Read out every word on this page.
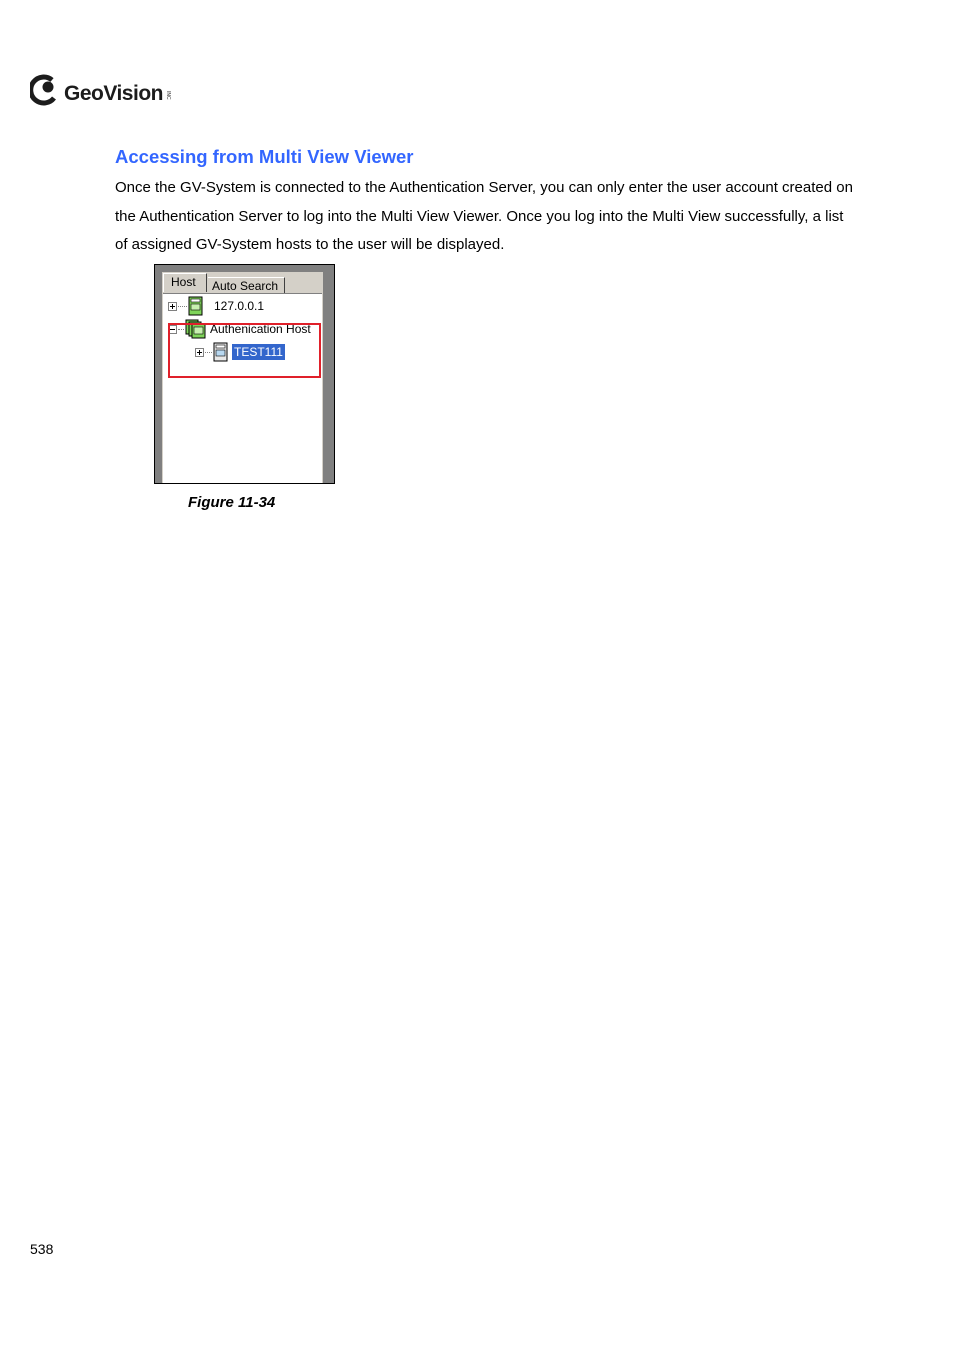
GeoVision INC
Accessing from Multi View Viewer

Once the GV-System is connected to the Authentication Server, you can only enter the user account created on the Authentication Server to log into the Multi View Viewer. Once you log into the Multi View successfully, a list of assigned GV-System hosts to the user will be displayed.

Host	Auto Search
127.0.0.1
Authenication Host
TEST111

Figure 11-34

538
